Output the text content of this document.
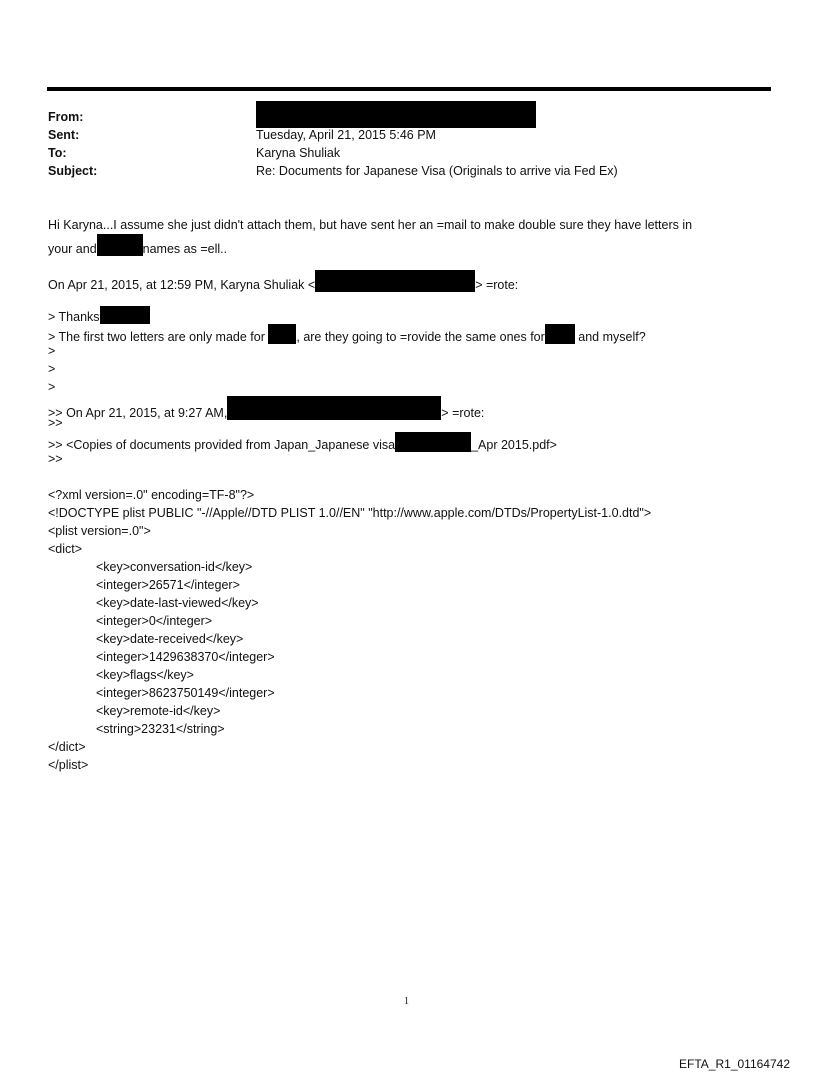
From:
Sent:	Tuesday, April 21, 2015 5:46 PM
To:	Karyna Shuliak
Subject:	Re: Documents for Japanese Visa (Originals to arrive via Fed Ex)
Hi Karyna...I assume she just didn't attach them, but have sent her an =mail to make double sure they have letters in
your and	names as =ell..
On Apr 21, 2015, at 12:59 PM, Karyna Shuliak <	> =rote:
> Thanks
> The first two letters are only made for	, are they going to =rovide the same ones for	and myself?
>
>
>
>> On Apr 21, 2015, at 9:27 AM,	> =rote:
>>
>> <Copies of documents provided from Japan_Japanese visa	_Apr 2015.pdf>
>>
<?xml version=.0" encoding=TF-8"?>
<!DOCTYPE plist PUBLIC "-//Apple//DTD PLIST 1.0//EN" "http://www.apple.com/DTDs/PropertyList-1.0.dtd">
<plist version=.0">
<dict>
<key>conversation-id</key>
<integer>26571</integer>
<key>date-last-viewed</key>
<integer>0</integer>
<key>date-received</key>
<integer>1429638370</integer>
<key>flags</key>
<integer>8623750149</integer>
<key>remote-id</key>
<string>23231</string>
</dict>
</plist>
1
EFTA_R1_01164742
